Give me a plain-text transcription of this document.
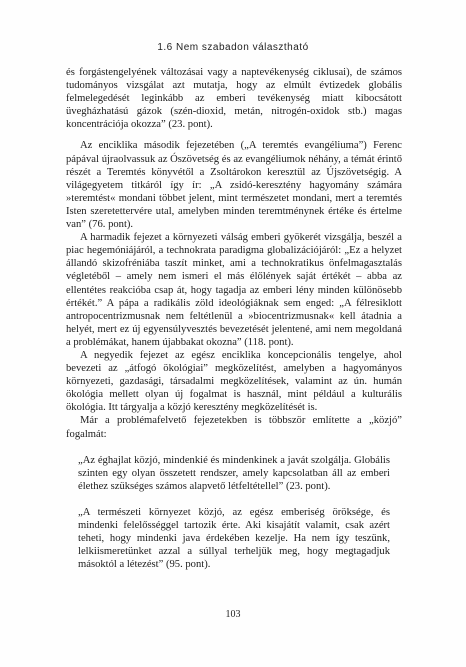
1.6 Nem szabadon választható

és forgástengelyének változásai vagy a naptevékenység ciklusai), de számos tudományos vizsgálat azt mutatja, hogy az elmúlt évtizedek globális felmelegedését leginkább az emberi tevékenység miatt kibocsátott üvegházhatású gázok (szén-dioxid, metán, nitrogén-oxidok stb.) magas koncentrációja okozza” (23. pont).

Az enciklika második fejezetében („A teremtés evangéliuma”) Ferenc pápával újraolvassuk az Ószövetség és az evangéliumok néhány, a témát érintő részét a Teremtés könyvétől a Zsoltárokon keresztül az Újszövetségig. A világegyetem titkáról így ír: „A zsidó-keresztény hagyomány számára »teremtést« mondani többet jelent, mint természetet mondani, mert a teremtés Isten szeretettervére utal, amelyben minden teremtménynek értéke és értelme van” (76. pont).

A harmadik fejezet a környezeti válság emberi gyökerét vizsgálja, beszél a piac hegemóniájáról, a technokrata paradigma globalizációjáról: „Ez a helyzet állandó skizofréniába taszít minket, ami a technokratikus önfelmagasztalás végletéből – amely nem ismeri el más élőlények saját értékét – abba az ellentétes reakcióba csap át, hogy tagadja az emberi lény minden különösebb értékét.” A pápa a radikális zöld ideológiáknak sem enged: „A félresiklott antropocentrizmusnak nem feltétlenül a »biocentrizmusnak« kell átadnia a helyét, mert ez új egyensúlyvesztés bevezetését jelentené, ami nem megoldaná a problémákat, hanem újabbakat okozna” (118. pont).

A negyedik fejezet az egész enciklika koncepcionális tengelye, ahol bevezeti az „átfogó ökológiai” megközelítést, amelyben a hagyományos környezeti, gazdasági, társadalmi megközelítések, valamint az ún. humán ökológia mellett olyan új fogalmat is használ, mint például a kulturális ökológia. Itt tárgyalja a közjó keresztény megközelítését is.

Már a problémafelvető fejezetekben is többször említette a „közjó” fogalmát:

„Az éghajlat közjó, mindenkié és mindenkinek a javát szolgálja. Globális szinten egy olyan összetett rendszer, amely kapcsolatban áll az emberi élethez szükséges számos alapvető létfeltétellel” (23. pont).
„A természeti környezet közjó, az egész emberiség öröksége, és mindenki felelősséggel tartozik érte. Aki kisajátít valamit, csak azért teheti, hogy mindenki java érdekében kezelje. Ha nem így teszünk, lelkiismeretünket azzal a súllyal terheljük meg, hogy megtagadjuk másoktól a létezést” (95. pont).
103
